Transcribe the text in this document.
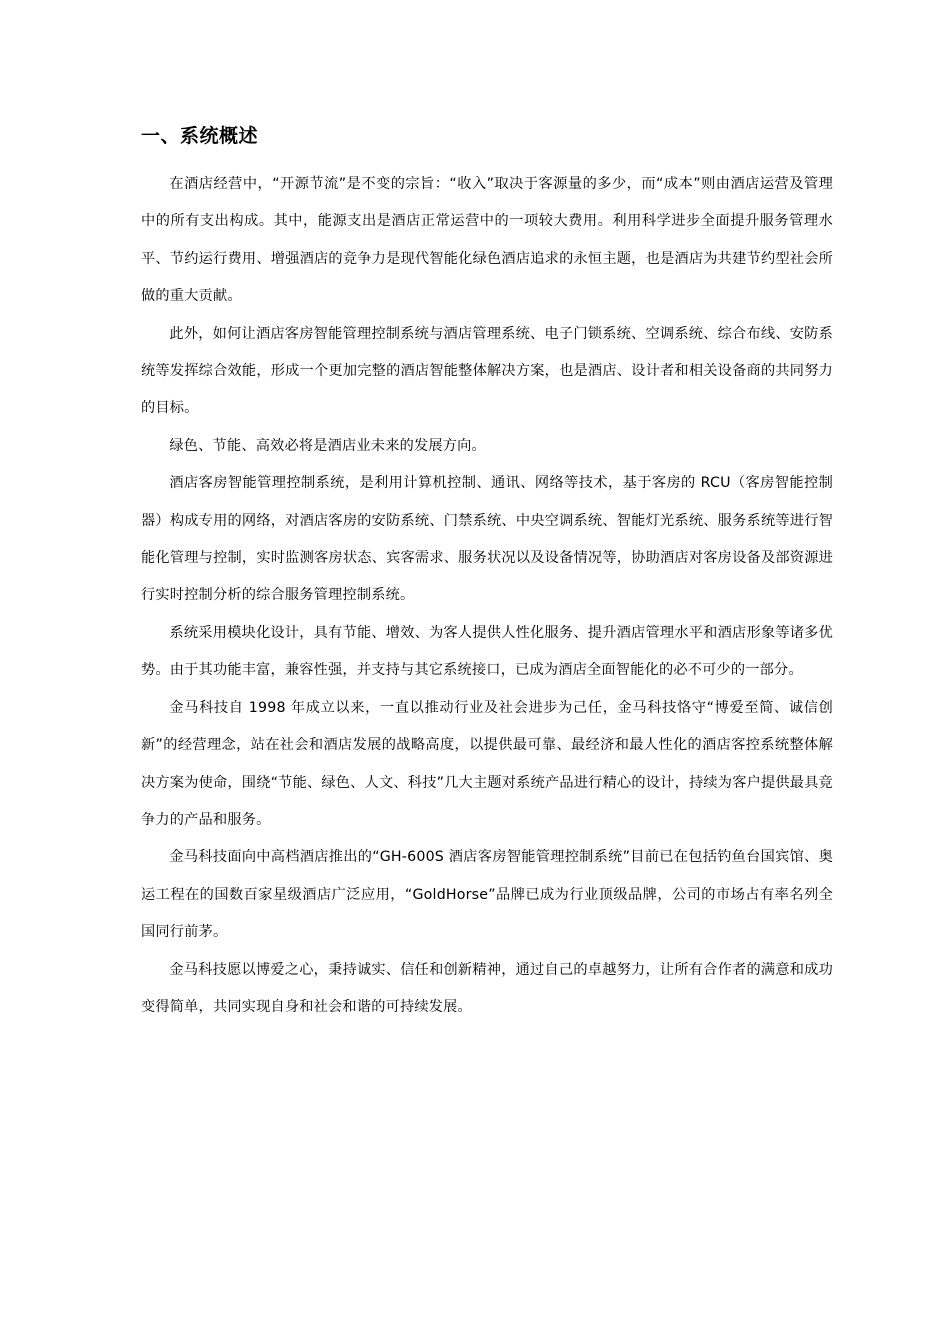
一、系统概述

在酒店经营中，“开源节流”是不变的宗旨：“收入”取决于客源量的多少，而“成本”则由酒店运营及管理中的所有支出构成。其中，能源支出是酒店正常运营中的一项较大费用。利用科学进步全面提升服务管理水平、节约运行费用、增强酒店的竞争力是现代智能化绿色酒店追求的永恒主题，也是酒店为共建节约型社会所做的重大贡献。

此外，如何让酒店客房智能管理控制系统与酒店管理系统、电子门锁系统、空调系统、综合布线、安防系统等发挥综合效能，形成一个更加完整的酒店智能整体解决方案，也是酒店、设计者和相关设备商的共同努力的目标。

绿色、节能、高效必将是酒店业未来的发展方向。

酒店客房智能管理控制系统，是利用计算机控制、通讯、网络等技术，基于客房的 RCU（客房智能控制器）构成专用的网络，对酒店客房的安防系统、门禁系统、中央空调系统、智能灯光系统、服务系统等进行智能化管理与控制，实时监测客房状态、宾客需求、服务状况以及设备情况等，协助酒店对客房设备及部资源进行实时控制分析的综合服务管理控制系统。

系统采用模块化设计，具有节能、增效、为客人提供人性化服务、提升酒店管理水平和酒店形象等诸多优势。由于其功能丰富，兼容性强，并支持与其它系统接口，已成为酒店全面智能化的必不可少的一部分。

金马科技自 1998 年成立以来，一直以推动行业及社会进步为己任，金马科技恪守“博爱至简、诚信创新”的经营理念，站在社会和酒店发展的战略高度，以提供最可靠、最经济和最人性化的酒店客控系统整体解决方案为使命，围绕“节能、绿色、人文、科技”几大主题对系统产品进行精心的设计，持续为客户提供最具竞争力的产品和服务。

金马科技面向中高档酒店推出的“GH-600S 酒店客房智能管理控制系统”目前已在包括钓鱼台国宾馆、奥运工程在的国数百家星级酒店广泛应用，“GoldHorse”品牌已成为行业顶级品牌，公司的市场占有率名列全国同行前茅。

金马科技愿以博爱之心，秉持诚实、信任和创新精神，通过自己的卓越努力，让所有合作者的满意和成功变得简单，共同实现自身和社会和谐的可持续发展。
